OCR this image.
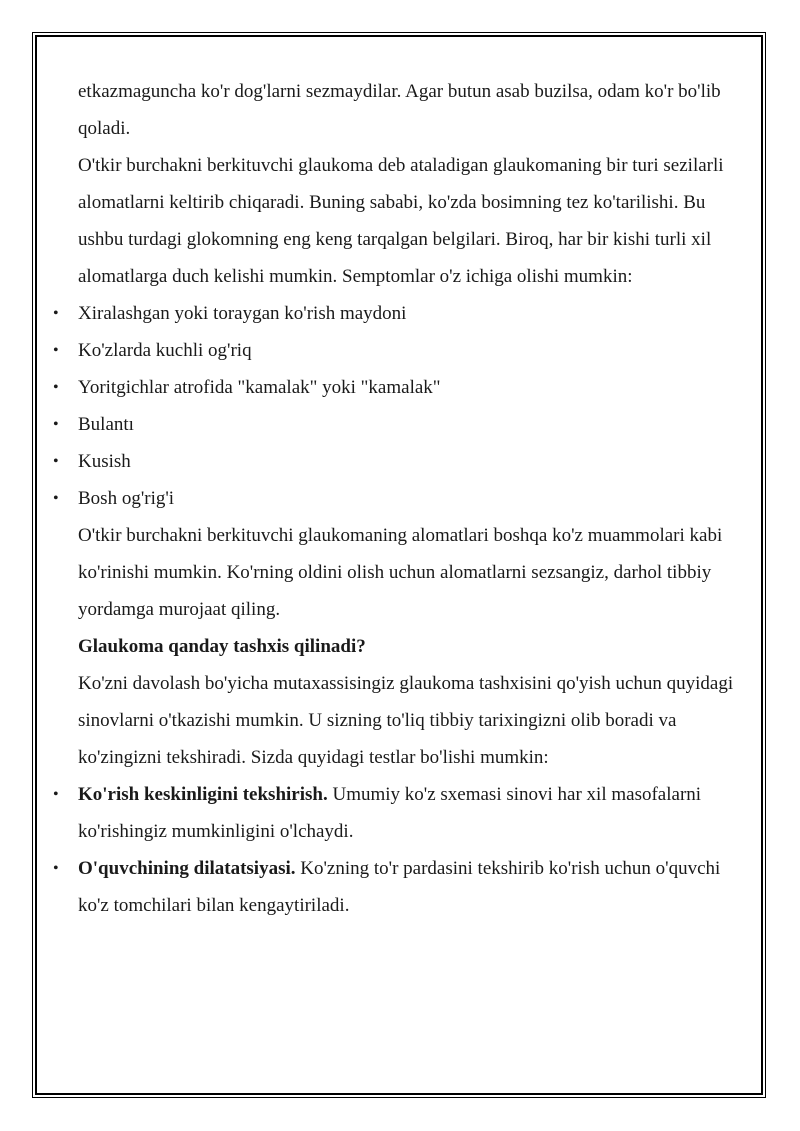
etkazmaguncha ko'r dog'larni sezmaydilar. Agar butun asab buzilsa, odam ko'r bo'lib qoladi.

O'tkir burchakni berkituvchi glaukoma deb ataladigan glaukomaning bir turi sezilarli alomatlarni keltirib chiqaradi. Buning sababi, ko'zda bosimning tez ko'tarilishi. Bu ushbu turdagi glokomning eng keng tarqalgan belgilari. Biroq, har bir kishi turli xil alomatlarga duch kelishi mumkin. Semptomlar o'z ichiga olishi mumkin:

• Xiralashgan yoki toraygan ko'rish maydoni
• Ko'zlarda kuchli og'riq
• Yoritgichlar atrofida "kamalak" yoki "kamalak"
• Bulantı
• Kusish
• Bosh og'rig'i

O'tkir burchakni berkituvchi glaukomaning alomatlari boshqa ko'z muammolari kabi ko'rinishi mumkin. Ko'rning oldini olish uchun alomatlarni sezsangiz, darhol tibbiy yordamga murojaat qiling.

Glaukoma qanday tashxis qilinadi?

Ko'zni davolash bo'yicha mutaxassisingiz glaukoma tashxisini qo'yish uchun quyidagi sinovlarni o'tkazishi mumkin. U sizning to'liq tibbiy tarixingizni olib boradi va ko'zingizni tekshiradi. Sizda quyidagi testlar bo'lishi mumkin:

• Ko'rish keskinligini tekshirish. Umumiy ko'z sxemasi sinovi har xil masofalarni ko'rishingiz mumkinligini o'lchaydi.
• O'quvchining dilatatsiyasi. Ko'zning to'r pardasini tekshirib ko'rish uchun o'quvchi ko'z tomchilari bilan kengaytiriladi.
